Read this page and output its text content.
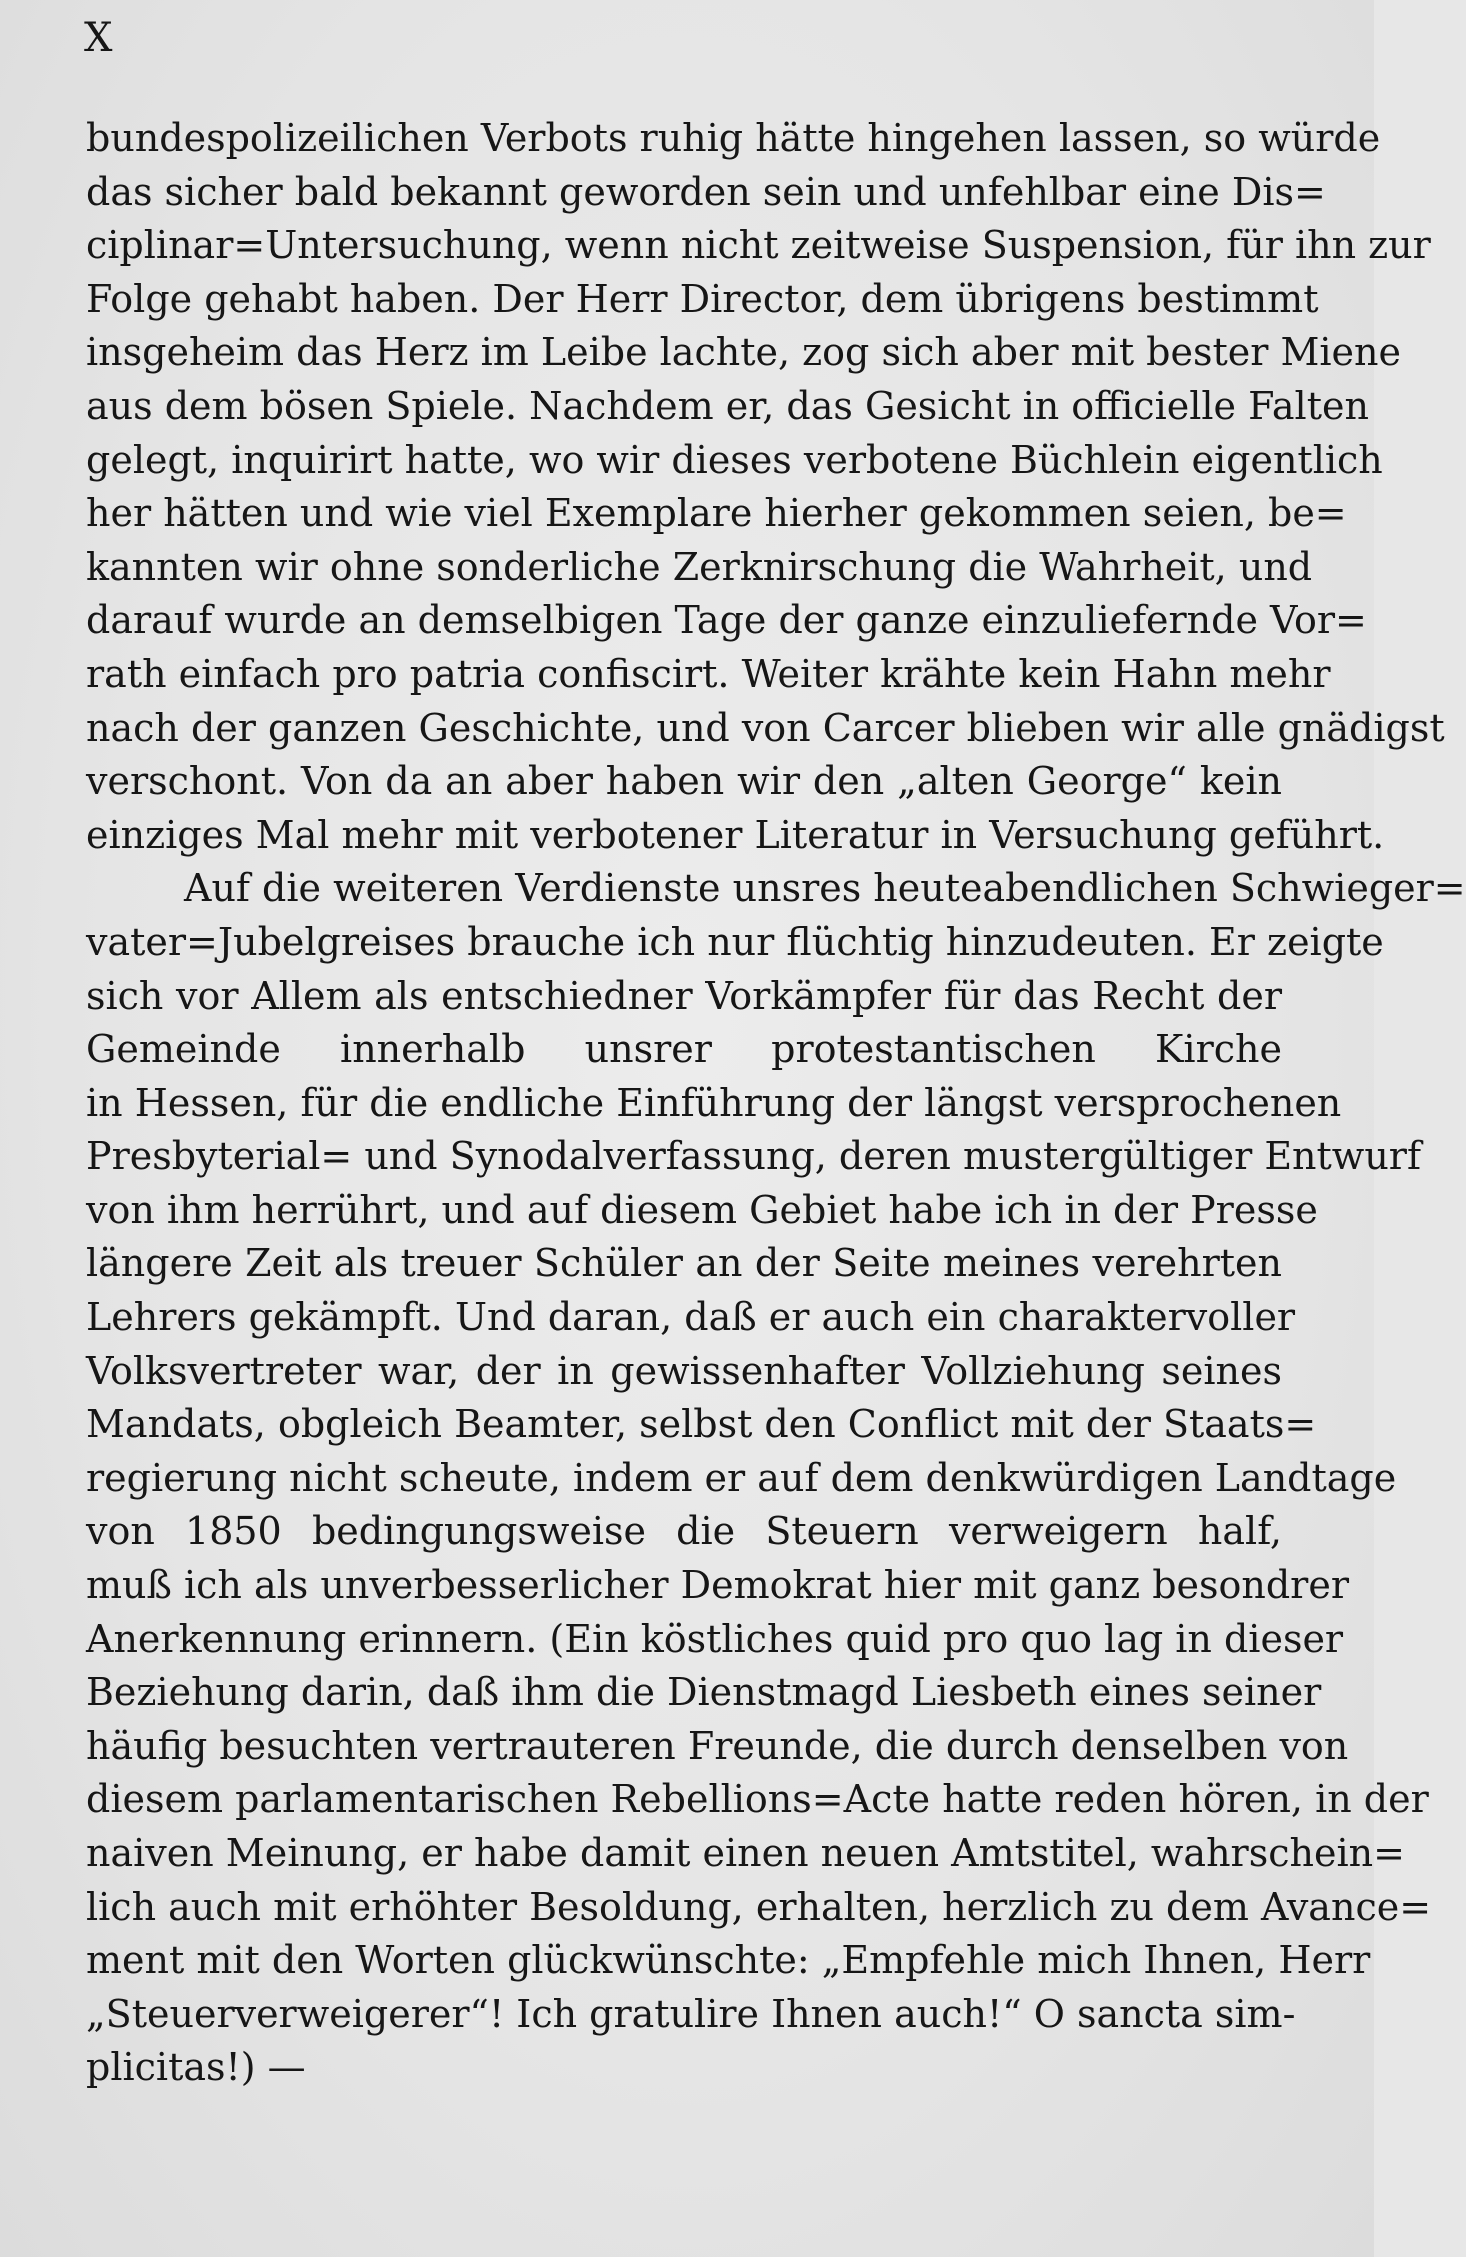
X
bundespolizeilichen Verbots ruhig hätte hingehen lassen, so würde
das sicher bald bekannt geworden sein und unfehlbar eine Dis=
ciplinar=Untersuchung, wenn nicht zeitweise Suspension, für ihn zur
Folge gehabt haben. Der Herr Director, dem übrigens bestimmt
insgeheim das Herz im Leibe lachte, zog sich aber mit bester Miene
aus dem bösen Spiele. Nachdem er, das Gesicht in officielle Falten
gelegt, inquirirt hatte, wo wir dieses verbotene Büchlein eigentlich
her hätten und wie viel Exemplare hierher gekommen seien, be=
kannten wir ohne sonderliche Zerknirschung die Wahrheit, und
darauf wurde an demselbigen Tage der ganze einzuliefernde Vor=
rath einfach pro patria confiscirt. Weiter krähte kein Hahn mehr
nach der ganzen Geschichte, und von Carcer blieben wir alle gnädigst
verschont. Von da an aber haben wir den „alten George“ kein
einziges Mal mehr mit verbotener Literatur in Versuchung geführt.
Auf die weiteren Verdienste unsres heuteabendlichen Schwieger=
vater=Jubelgreises brauche ich nur flüchtig hinzudeuten. Er zeigte
sich vor Allem als entschiedner Vorkämpfer für das Recht der
Gemeinde innerhalb unsrer protestantischen Kirche
in Hessen, für die endliche Einführung der längst versprochenen
Presbyterial= und Synodalverfassung, deren mustergültiger Entwurf
von ihm herrührt, und auf diesem Gebiet habe ich in der Presse
längere Zeit als treuer Schüler an der Seite meines verehrten
Lehrers gekämpft. Und daran, daß er auch ein charaktervoller
Volksvertreter war, der in gewissenhafter Vollziehung seines
Mandats, obgleich Beamter, selbst den Conflict mit der Staats=
regierung nicht scheute, indem er auf dem denkwürdigen Landtage
von 1850 bedingungsweise die Steuern verweigern half,
muß ich als unverbesserlicher Demokrat hier mit ganz besondrer
Anerkennung erinnern. (Ein köstliches quid pro quo lag in dieser
Beziehung darin, daß ihm die Dienstmagd Liesbeth eines seiner
häufig besuchten vertrauteren Freunde, die durch denselben von
diesem parlamentarischen Rebellions=Acte hatte reden hören, in der
naiven Meinung, er habe damit einen neuen Amtstitel, wahrschein=
lich auch mit erhöhter Besoldung, erhalten, herzlich zu dem Avance=
ment mit den Worten glückwünschte: „Empfehle mich Ihnen, Herr
„Steuerverweigerer“! Ich gratulire Ihnen auch!“ O sancta sim-
plicitas!) —
